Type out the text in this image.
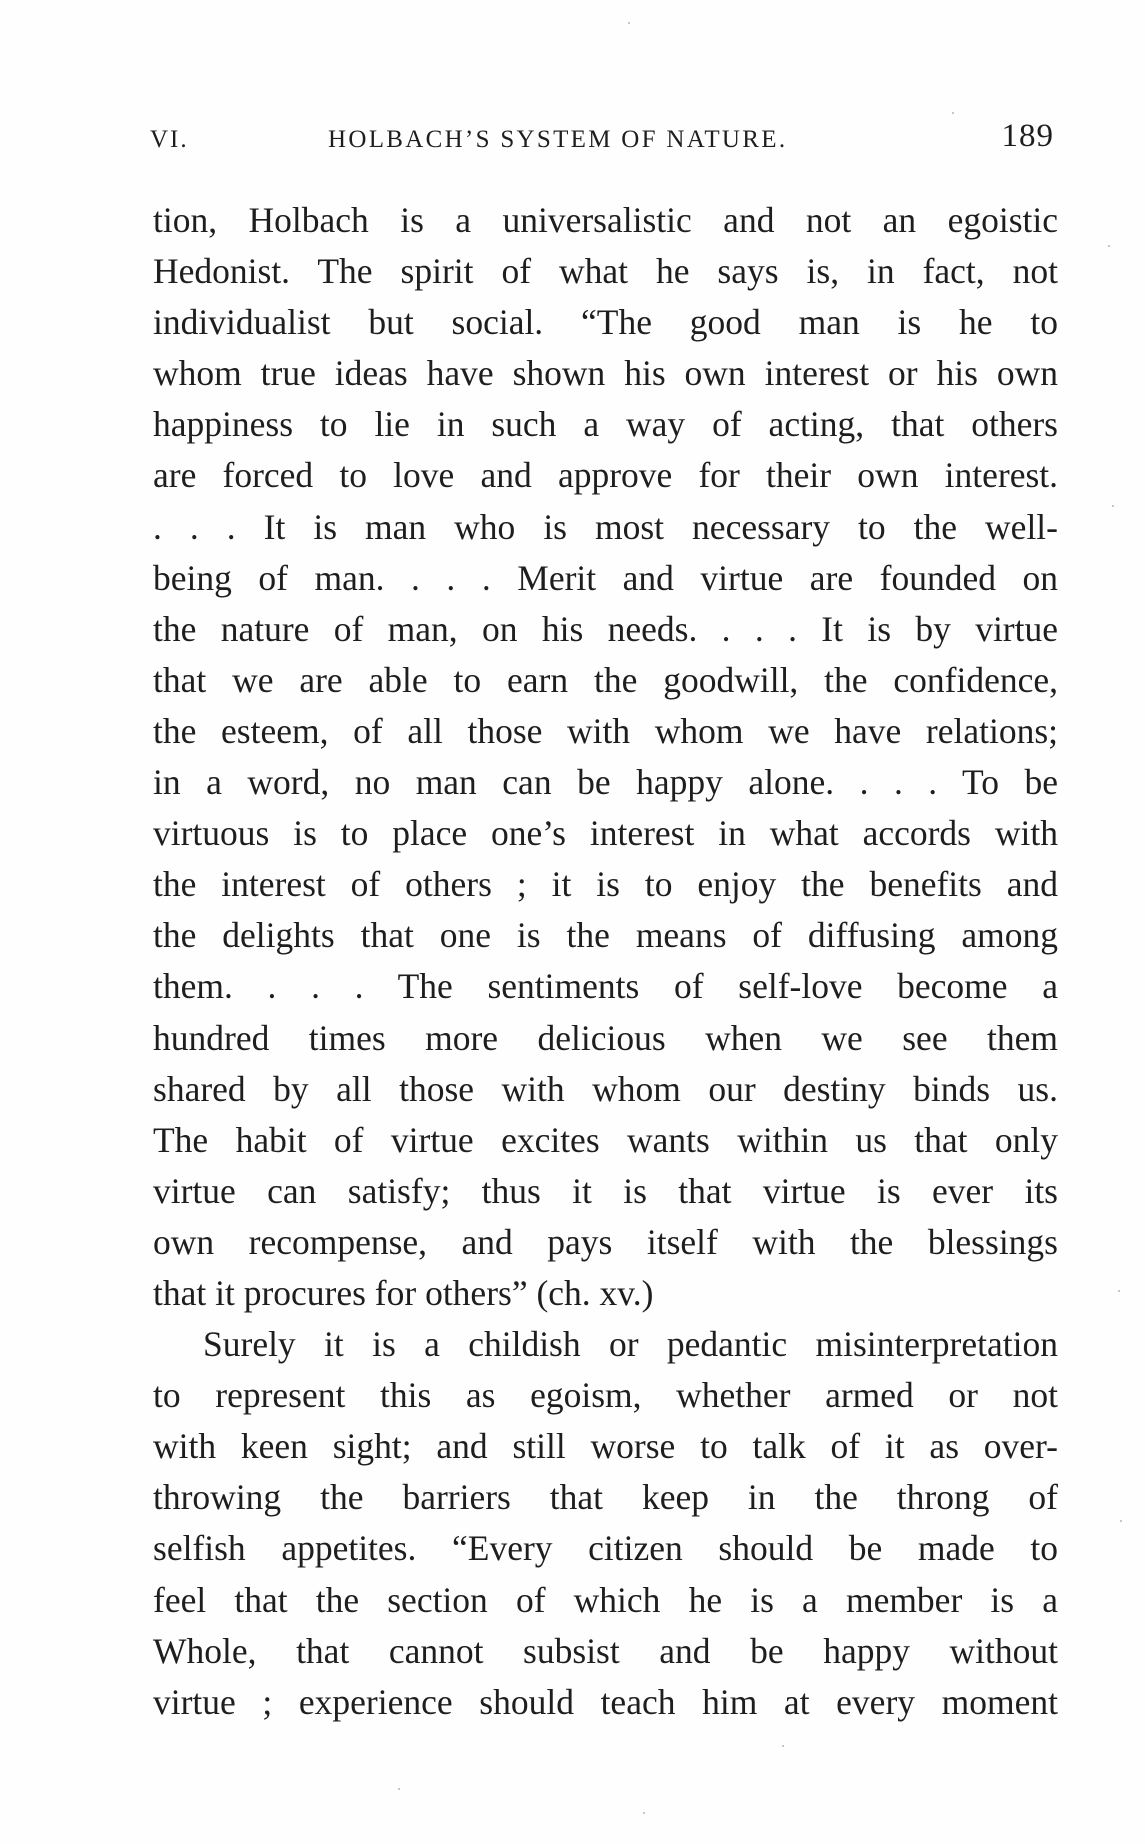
VI.	HOLBACH’S SYSTEM OF NATURE.	189
tion, Holbach is a universalistic and not an egoistic
Hedonist. The spirit of what he says is, in fact, not
individualist but social. “The good man is he to
whom true ideas have shown his own interest or his own
happiness to lie in such a way of acting, that others
are forced to love and approve for their own interest.
. . . It is man who is most necessary to the well-
being of man. . . . Merit and virtue are founded on
the nature of man, on his needs. . . . It is by virtue
that we are able to earn the goodwill, the confidence,
the esteem, of all those with whom we have relations;
in a word, no man can be happy alone. . . . To be
virtuous is to place one’s interest in what accords with
the interest of others ; it is to enjoy the benefits and
the delights that one is the means of diffusing among
them. . . . The sentiments of self-love become a
hundred times more delicious when we see them
shared by all those with whom our destiny binds us.
The habit of virtue excites wants within us that only
virtue can satisfy; thus it is that virtue is ever its
own recompense, and pays itself with the blessings
that it procures for others” (ch. xv.)
Surely it is a childish or pedantic misinterpretation
to represent this as egoism, whether armed or not
with keen sight; and still worse to talk of it as over-
throwing the barriers that keep in the throng of
selfish appetites. “Every citizen should be made to
feel that the section of which he is a member is a
Whole, that cannot subsist and be happy without
virtue ; experience should teach him at every moment
